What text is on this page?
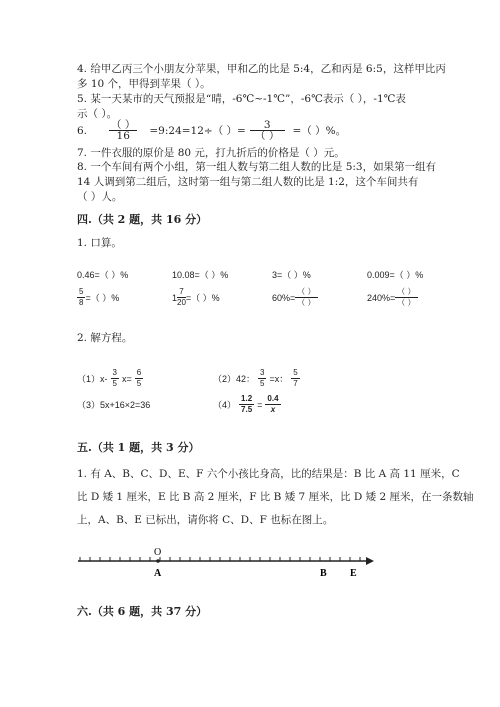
4. 给甲乙丙三个小朋友分苹果，甲和乙的比是 5:4，乙和丙是 6:5，这样甲比丙
多 10 个，甲得到苹果（ ）。
5. 某一天某市的天气预报是“晴，-6℃~-1℃”，-6℃表示（ ），-1℃表
示（ ）。
6. $\frac{( )}{16}$ =9:24=12÷（ ）= $\frac{3}{( )}$ =（ ）%。
7. 一件衣服的原价是 80 元，打九折后的价格是（ ）元。
8. 一个车间有两个小组，第一组人数与第二组人数的比是 5:3，如果第一组有
14 人调到第二组后，这时第一组与第二组人数的比是 1:2，这个车间共有
（ ）人。
四.（共 2 题，共 16 分）
1. 口算。
0.46=（ ）%	10.08=（ ）%	3=（ ）%	0.009=（ ）%
$\frac{5}{8}$ =（ ）%	$1 \frac{7}{20}$ =（ ）%	$60\%= \frac{( )}{( )}$	$240\%= \frac{( )}{( )}$
2. 解方程。
$(1)x- \frac{3}{5} x= \frac{6}{5}$	（2）42： $\frac{3}{5} =x$： $\frac{5}{7}$
（3）5x+16×2=36	$(4) \frac{1.2}{7.5} = \frac{0.4}{x}$
五.（共 1 题，共 3 分）
1. 有 A、B、C、D、E、F 六个小孩比身高，比的结果是：B 比 A 高 11 厘米，C
比 D 矮 1 厘米，E 比 B 高 2 厘米，F 比 B 矮 7 厘米，比 D 矮 2 厘米，在一条数轴
上，A、B、E 已标出，请你将 C、D、F 也标在图上。
O
A	B E
六.（共 6 题，共 37 分）
